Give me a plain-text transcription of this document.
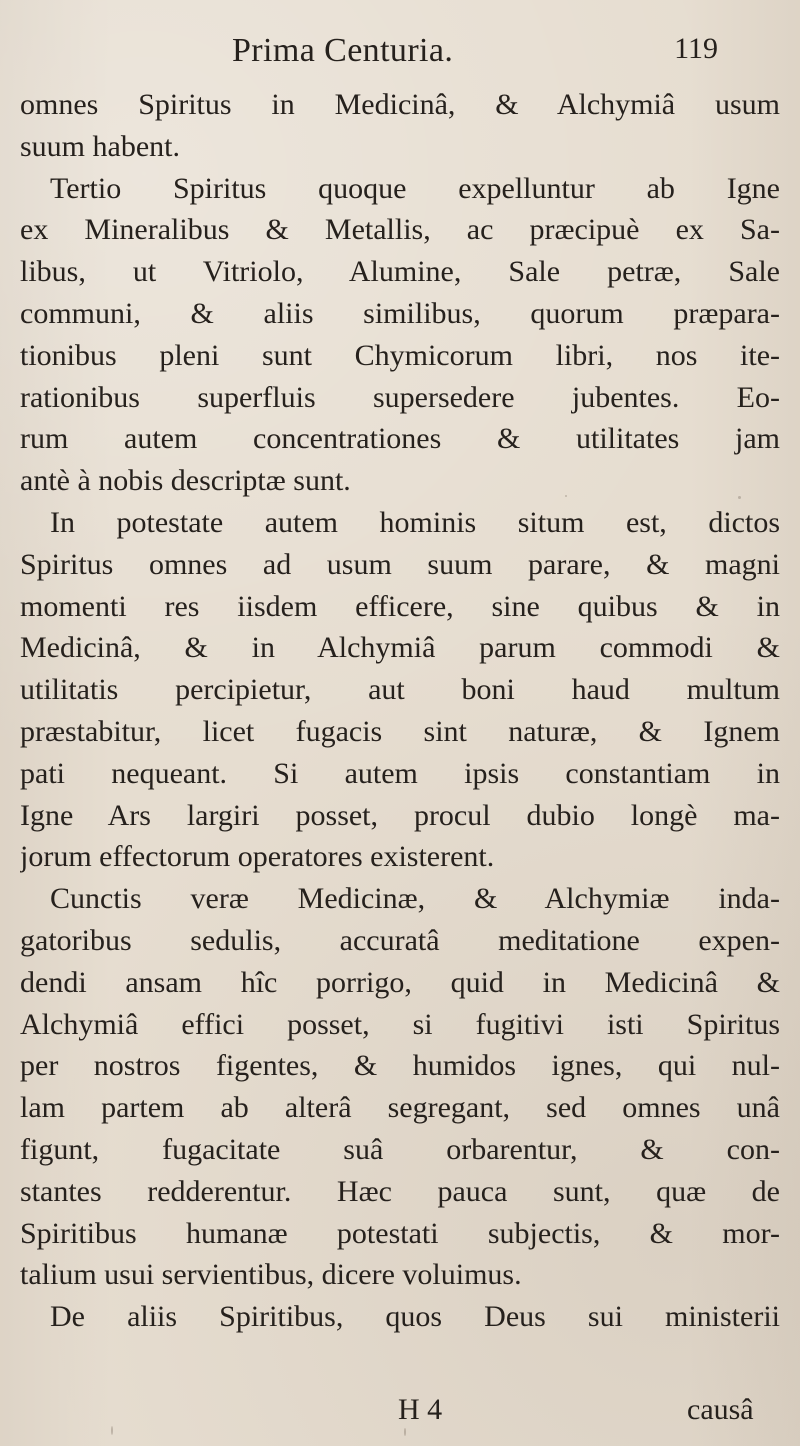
Prima Centuria.	119
omnes Spiritus in Medicinâ, & Alchymiâ usum
suum habent.
Tertio Spiritus quoque expelluntur ab Igne
ex Mineralibus & Metallis, ac præcipuè ex Sa-
libus, ut Vitriolo, Alumine, Sale petræ, Sale
communi, & aliis similibus, quorum præpara-
tionibus pleni sunt Chymicorum libri, nos ite-
rationibus superfluis supersedere jubentes. Eo-
rum autem concentrationes & utilitates jam
antè à nobis descriptæ sunt.
In potestate autem hominis situm est, dictos
Spiritus omnes ad usum suum parare, & magni
momenti res iisdem efficere, sine quibus & in
Medicinâ, & in Alchymiâ parum commodi &
utilitatis percipietur, aut boni haud multum
præstabitur, licet fugacis sint naturæ, & Ignem
pati nequeant. Si autem ipsis constantiam in
Igne Ars largiri posset, procul dubio longè ma-
jorum effectorum operatores existerent.
Cunctis veræ Medicinæ, & Alchymiæ inda-
gatoribus sedulis, accuratâ meditatione expen-
dendi ansam hîc porrigo, quid in Medicinâ &
Alchymiâ effici posset, si fugitivi isti Spiritus
per nostros figentes, & humidos ignes, qui nul-
lam partem ab alterâ segregant, sed omnes unâ
figunt, fugacitate suâ orbarentur, & con-
stantes redderentur. Hæc pauca sunt, quæ de
Spiritibus humanæ potestati subjectis, & mor-
talium usui servientibus, dicere voluimus.
De aliis Spiritibus, quos Deus sui ministerii
H 4	causâ
